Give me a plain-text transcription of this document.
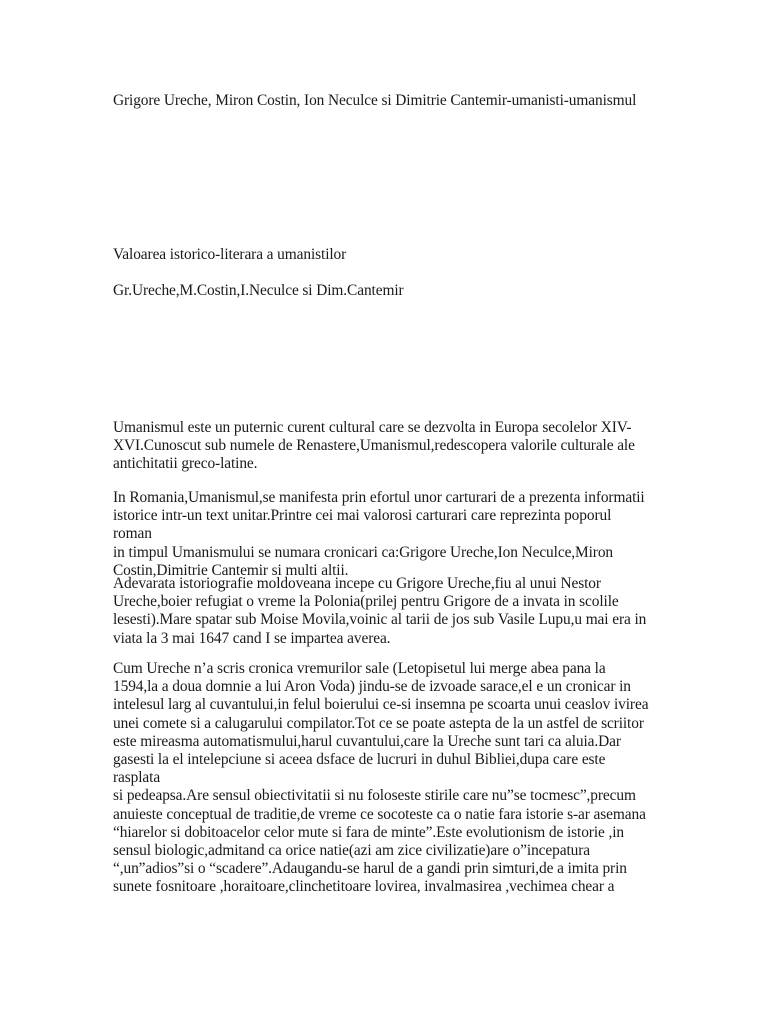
Grigore Ureche, Miron Costin, Ion Neculce si Dimitrie Cantemir-umanisti-umanismul

Valoarea istorico-literara a umanistilor

Gr.Ureche,M.Costin,I.Neculce si Dim.Cantemir

Umanismul este un puternic curent cultural care se dezvolta in Europa secolelor XIV-
XVI.Cunoscut sub numele de Renastere,Umanismul,redescopera valorile culturale ale
antichitatii greco-latine.
In Romania,Umanismul,se manifesta prin efortul unor carturari de a prezenta informatii
istorice intr-un text unitar.Printre cei mai valorosi carturari care reprezinta poporul roman
in timpul Umanismului se numara cronicari ca:Grigore Ureche,Ion Neculce,Miron
Costin,Dimitrie Cantemir si multi altii.
Adevarata istoriografie moldoveana incepe cu Grigore Ureche,fiu al unui Nestor
Ureche,boier refugiat o vreme la Polonia(prilej pentru Grigore de a invata in scolile
lesesti).Mare spatar sub Moise Movila,voinic al tarii de jos sub Vasile Lupu,u mai era in
viata la 3 mai 1647 cand I se impartea averea.
Cum Ureche n’a scris cronica vremurilor sale (Letopisetul lui merge abea pana la
1594,la a doua domnie a lui Aron Voda) jindu-se de izvoade sarace,el e un cronicar in
intelesul larg al cuvantului,in felul boierului ce-si insemna pe scoarta unui ceaslov ivirea
unei comete si a calugarului compilator.Tot ce se poate astepta de la un astfel de scriitor
este mireasma automatismului,harul cuvantului,care la Ureche sunt tari ca aluia.Dar
gasesti la el intelepciune si aceea dsface de lucruri in duhul Bibliei,dupa care este rasplata
si pedeapsa.Are sensul obiectivitatii si nu foloseste stirile care nu”se tocmesc”,precum
anuieste conceptual de traditie,de vreme ce socoteste ca o natie fara istorie s-ar asemana
“hiarelor si dobitoacelor celor mute si fara de minte”.Este evolutionism de istorie ,in
sensul biologic,admitand ca orice natie(azi am zice civilizatie)are o”incepatura
“,un”adios”si o “scadere”.Adaugandu-se harul de a gandi prin simturi,de a imita prin
sunete fosnitoare ,horaitoare,clinchetitoare lovirea, invalmasirea ,vechimea chear a
